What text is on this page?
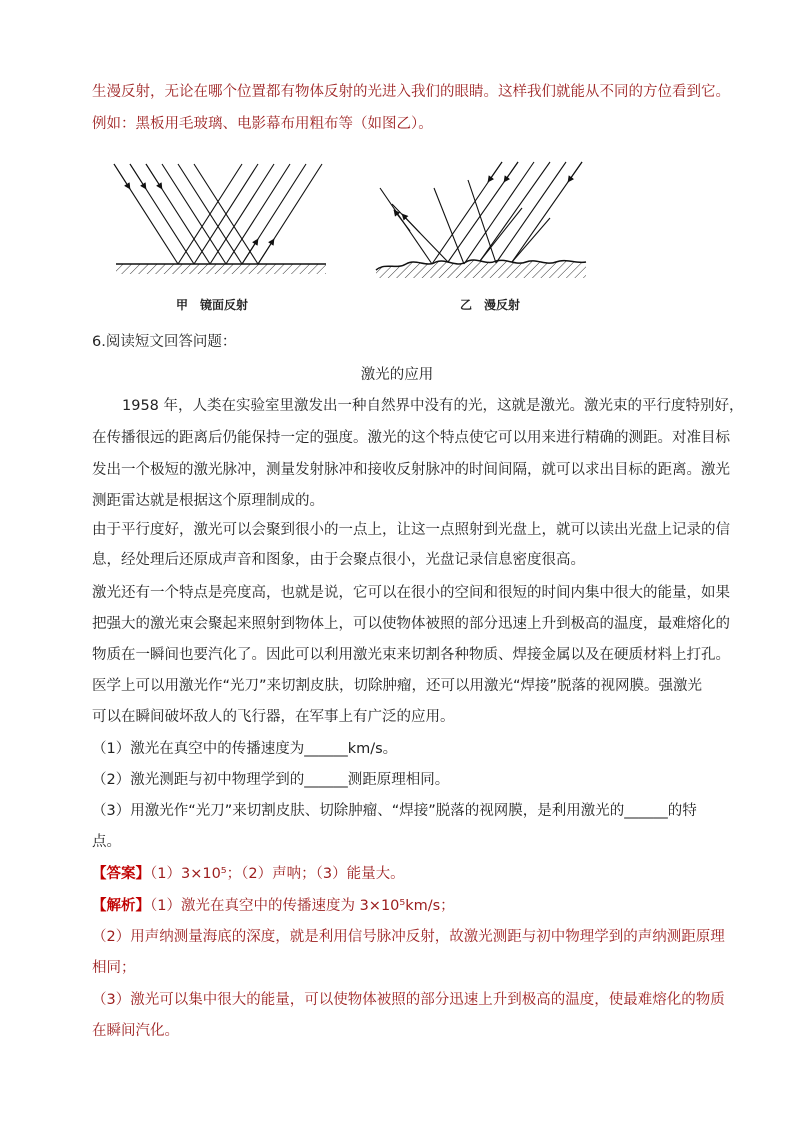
生漫反射，无论在哪个位置都有物体反射的光进入我们的眼睛。这样我们就能从不同的方位看到它。
例如：黑板用毛玻璃、电影幕布用粗布等（如图乙）。
甲　镜面反射	乙　漫反射
6.阅读短文回答问题：
激光的应用
1958 年，人类在实验室里激发出一种自然界中没有的光，这就是激光。激光束的平行度特别好，
在传播很远的距离后仍能保持一定的强度。激光的这个特点使它可以用来进行精确的测距。对准目标
发出一个极短的激光脉冲，测量发射脉冲和接收反射脉冲的时间间隔，就可以求出目标的距离。激光
测距雷达就是根据这个原理制成的。
由于平行度好，激光可以会聚到很小的一点上，让这一点照射到光盘上，就可以读出光盘上记录的信
息，经处理后还原成声音和图象，由于会聚点很小，光盘记录信息密度很高。
激光还有一个特点是亮度高，也就是说，它可以在很小的空间和很短的时间内集中很大的能量，如果
把强大的激光束会聚起来照射到物体上，可以使物体被照的部分迅速上升到极高的温度，最难熔化的
物质在一瞬间也要汽化了。因此可以利用激光束来切割各种物质、焊接金属以及在硬质材料上打孔。
医学上可以用激光作“光刀”来切割皮肤，切除肿瘤，还可以用激光“焊接”脱落的视网膜。强激光
可以在瞬间破坏敌人的飞行器，在军事上有广泛的应用。
（1）激光在真空中的传播速度为______km/s。
（2）激光测距与初中物理学到的______测距原理相同。
（3）用激光作“光刀”来切割皮肤、切除肿瘤、“焊接”脱落的视网膜，是利用激光的______的特
点。
【答案】（1）3×10⁵；（2）声呐；（3）能量大。
【解析】（1）激光在真空中的传播速度为 3×10⁵km/s；
（2）用声纳测量海底的深度，就是利用信号脉冲反射，故激光测距与初中物理学到的声纳测距原理
相同；
（3）激光可以集中很大的能量，可以使物体被照的部分迅速上升到极高的温度，使最难熔化的物质
在瞬间汽化。
